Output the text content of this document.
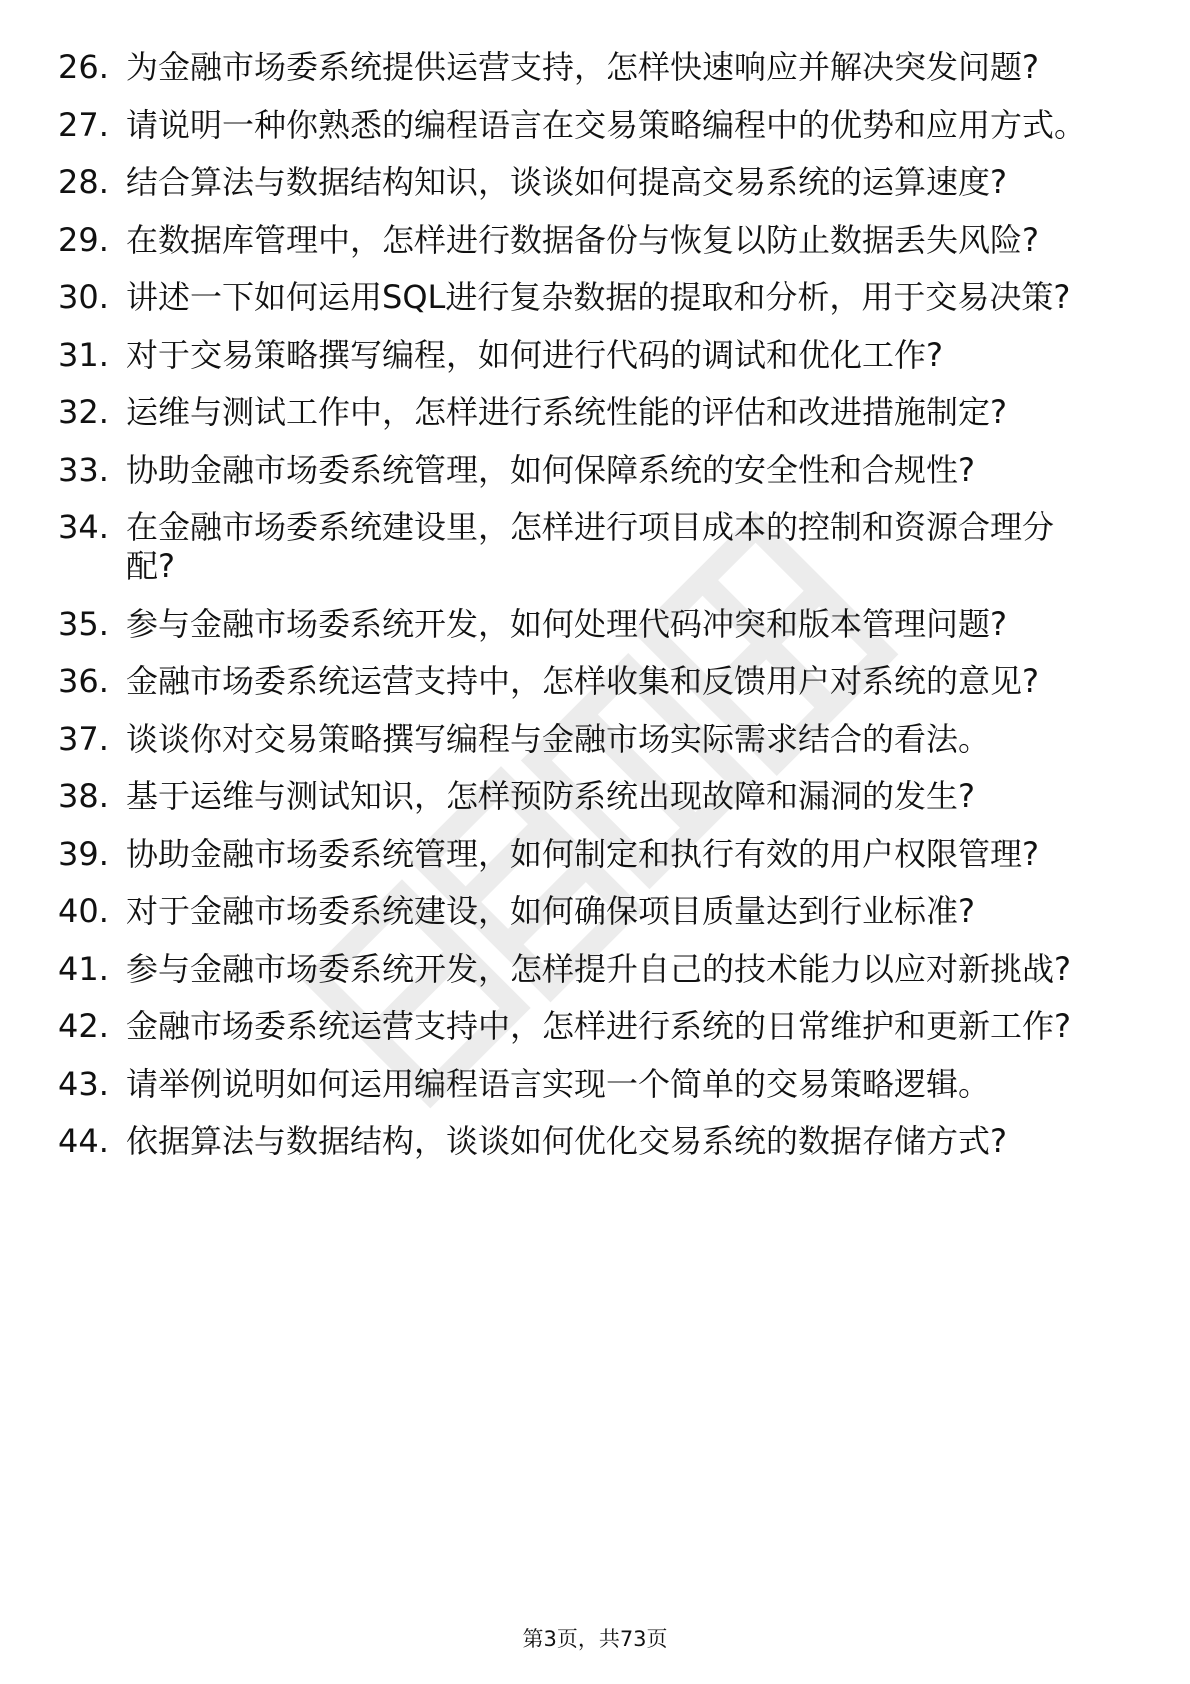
26. 为金融市场委系统提供运营支持，怎样快速响应并解决突发问题?
27. 请说明一种你熟悉的编程语言在交易策略编程中的优势和应用方式。
28. 结合算法与数据结构知识，谈谈如何提高交易系统的运算速度?
29. 在数据库管理中，怎样进行数据备份与恢复以防止数据丢失风险?
30. 讲述一下如何运用SQL进行复杂数据的提取和分析，用于交易决策?
31. 对于交易策略撰写编程，如何进行代码的调试和优化工作?
32. 运维与测试工作中，怎样进行系统性能的评估和改进措施制定?
33. 协助金融市场委系统管理，如何保障系统的安全性和合规性?
34. 在金融市场委系统建设里，怎样进行项目成本的控制和资源合理分配?
35. 参与金融市场委系统开发，如何处理代码冲突和版本管理问题?
36. 金融市场委系统运营支持中，怎样收集和反馈用户对系统的意见?
37. 谈谈你对交易策略撰写编程与金融市场实际需求结合的看法。
38. 基于运维与测试知识，怎样预防系统出现故障和漏洞的发生?
39. 协助金融市场委系统管理，如何制定和执行有效的用户权限管理?
40. 对于金融市场委系统建设，如何确保项目质量达到行业标准?
41. 参与金融市场委系统开发，怎样提升自己的技术能力以应对新挑战?
42. 金融市场委系统运营支持中，怎样进行系统的日常维护和更新工作?
43. 请举例说明如何运用编程语言实现一个简单的交易策略逻辑。
44. 依据算法与数据结构，谈谈如何优化交易系统的数据存储方式?
第3页，共73页
